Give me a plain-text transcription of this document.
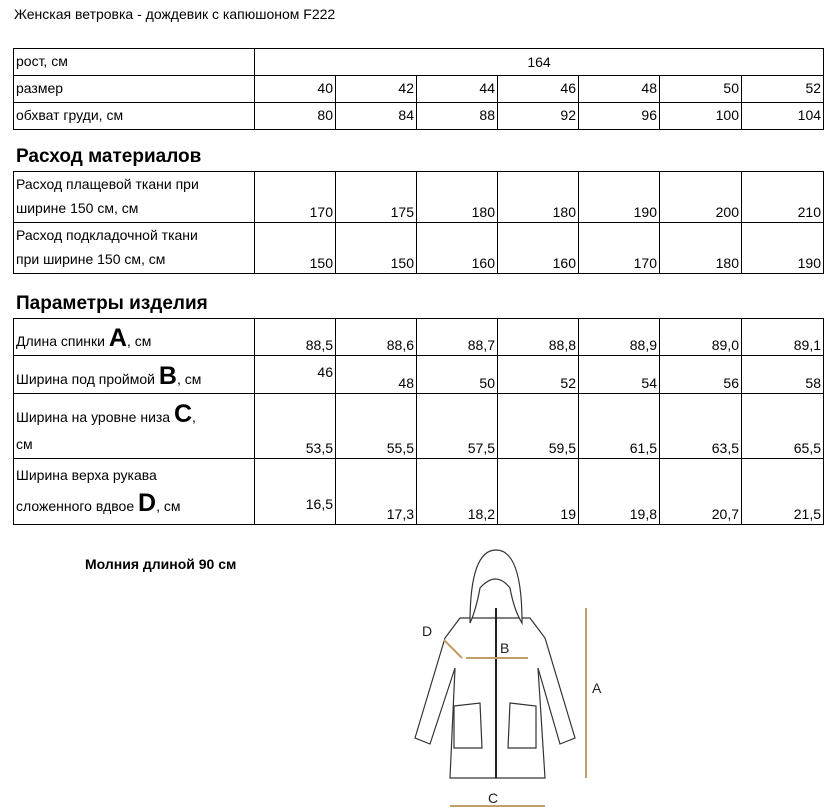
Женская ветровка - дождевик с капюшоном F222
рост, см	164						
размер	40	42	44	46	48	50	52
обхват груди, см	80	84	88	92	96	100	104
Расход материалов
Расход плащевой ткани при
ширине 150 см, см	170	175	180	180	190	200	210

Расход подкладочной ткани
при ширине 150 см, см	150	150	160	160	170	180	190
Параметры изделия
Длина спинки A, см	88,5	88,6	88,7	88,8	88,9	89,0	89,1
Ширина под проймой B, см	46	48	50	52	54	56	58

Ширина на уровне низа C,
см	53,5	55,5	57,5	59,5	61,5	63,5	65,5

Ширина верха рукава
сложенного вдвое D, см	16,5	17,3	18,2	19	19,8	20,7	21,5
Молния длиной 90 см
B
A
C
D
